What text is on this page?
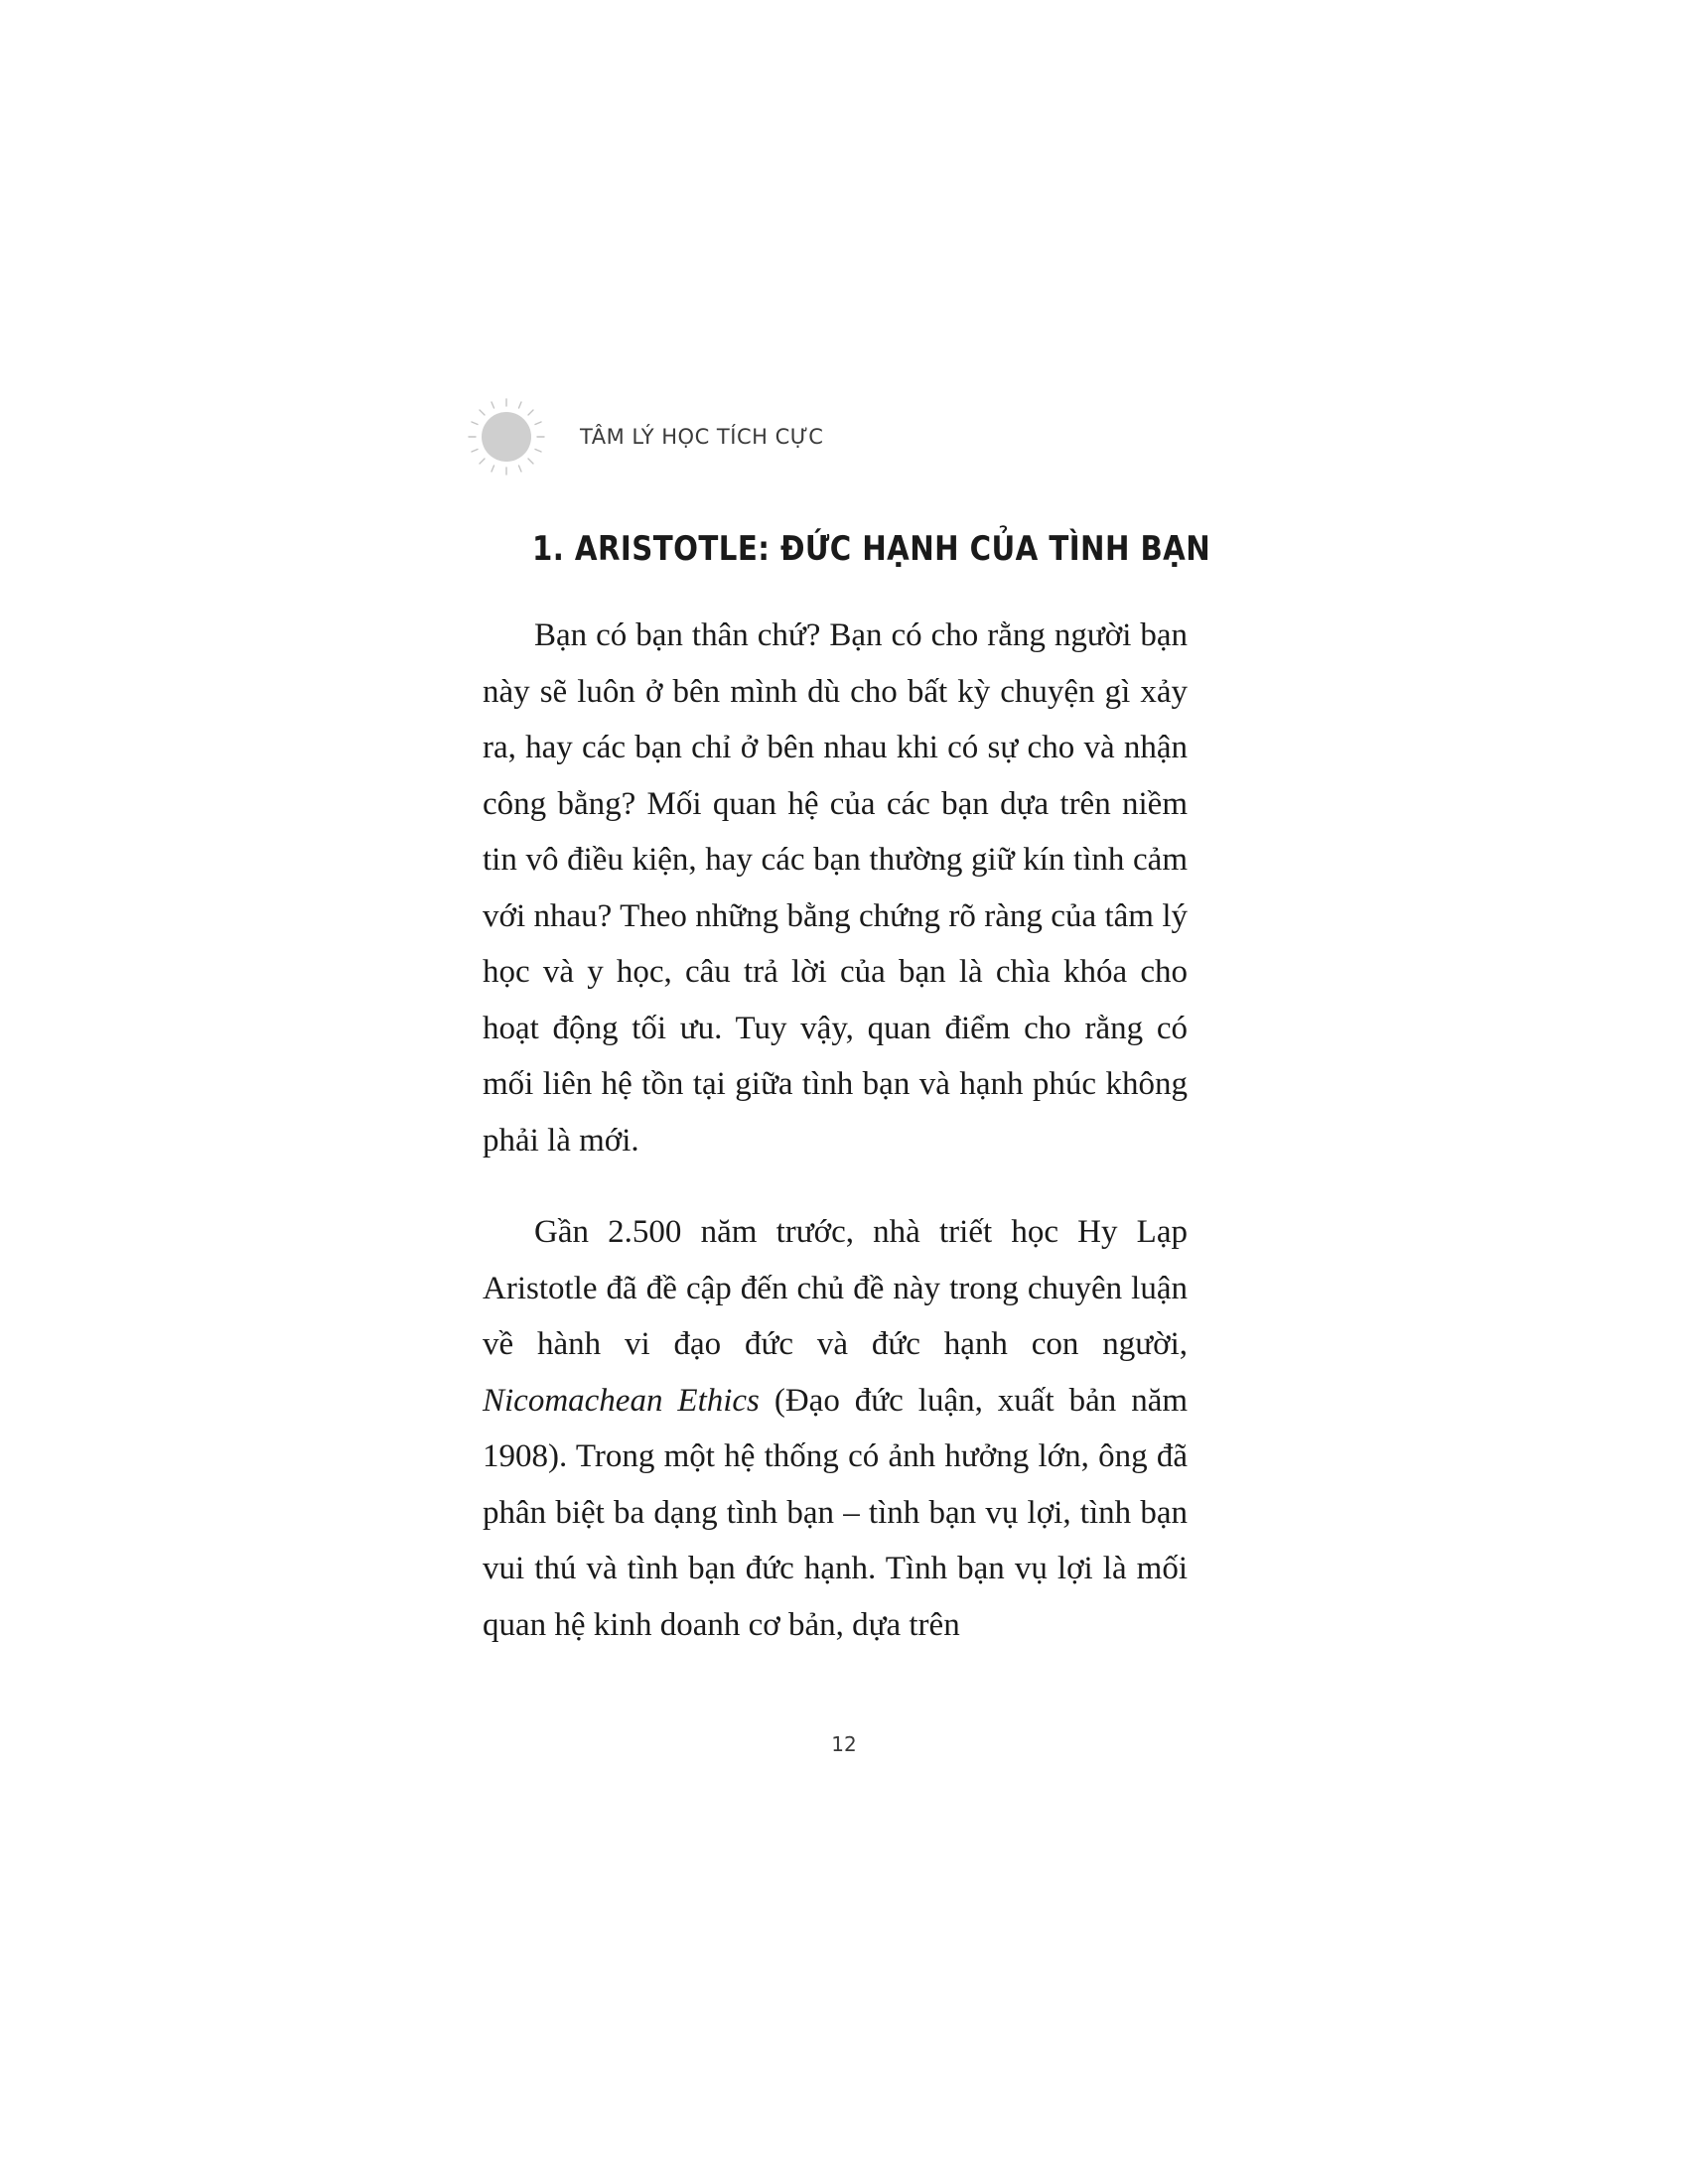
TÂM LÝ HỌC TÍCH CỰC
1. ARISTOTLE: ĐỨC HẠNH CỦA TÌNH BẠN

Bạn có bạn thân chứ? Bạn có cho rằng người bạn này sẽ luôn ở bên mình dù cho bất kỳ chuyện gì xảy ra, hay các bạn chỉ ở bên nhau khi có sự cho và nhận công bằng? Mối quan hệ của các bạn dựa trên niềm tin vô điều kiện, hay các bạn thường giữ kín tình cảm với nhau? Theo những bằng chứng rõ ràng của tâm lý học và y học, câu trả lời của bạn là chìa khóa cho hoạt động tối ưu. Tuy vậy, quan điểm cho rằng có mối liên hệ tồn tại giữa tình bạn và hạnh phúc không phải là mới.

Gần 2.500 năm trước, nhà triết học Hy Lạp Aristotle đã đề cập đến chủ đề này trong chuyên luận về hành vi đạo đức và đức hạnh con người, Nicomachean Ethics (Đạo đức luận, xuất bản năm 1908). Trong một hệ thống có ảnh hưởng lớn, ông đã phân biệt ba dạng tình bạn – tình bạn vụ lợi, tình bạn vui thú và tình bạn đức hạnh. Tình bạn vụ lợi là mối quan hệ kinh doanh cơ bản, dựa trên

12
